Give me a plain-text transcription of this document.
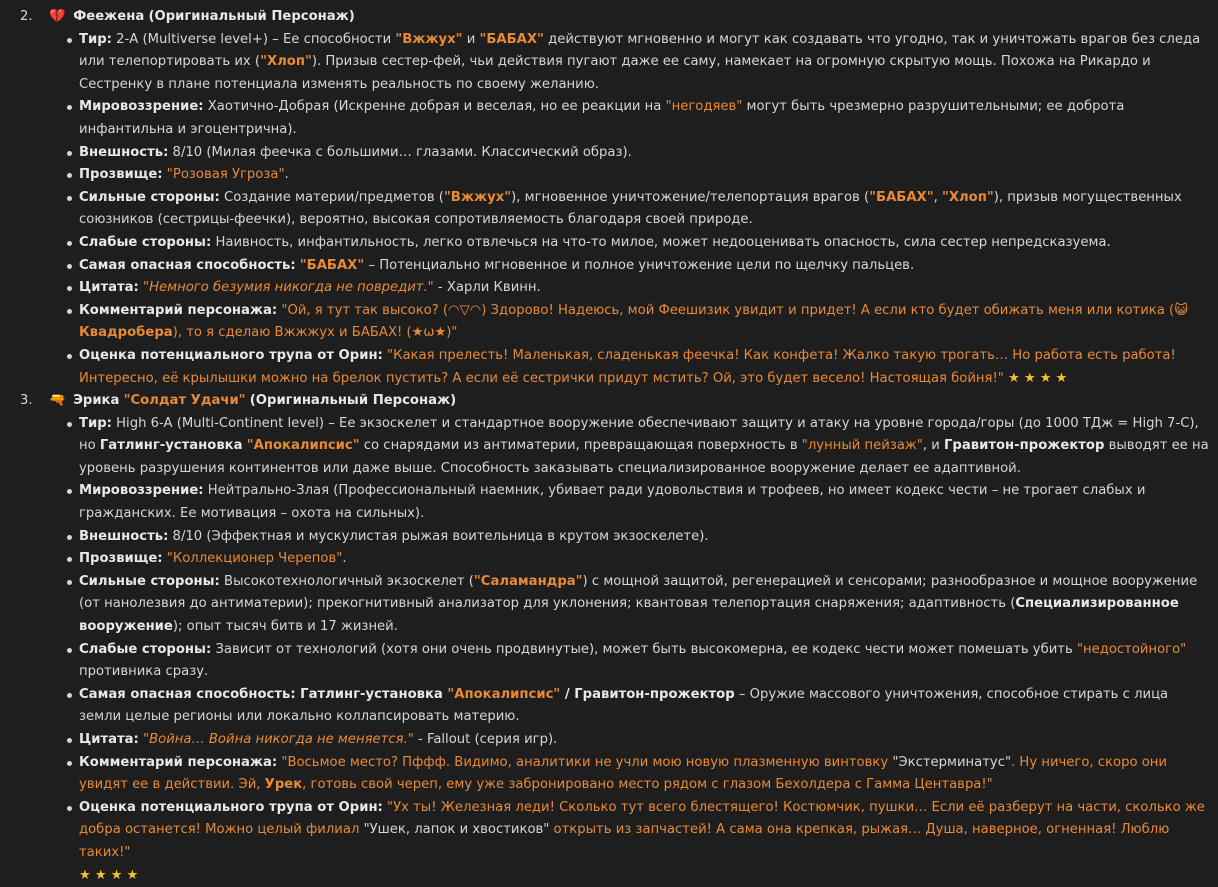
2. 💔 Феежена (Оригинальный Персонаж)
Тир: 2-A (Multiverse level+) – Ее способности "Вжжух" и "БАБАХ" действуют мгновенно и могут как создавать что угодно, так и уничтожать врагов без следа или телепортировать их ("Хлоп"). Призыв сестер-фей, чьи действия пугают даже ее саму, намекает на огромную скрытую мощь. Похожа на Рикардо и Сестренку в плане потенциала изменять реальность по своему желанию.
Мировоззрение: Хаотично-Добрая (Искренне добрая и веселая, но ее реакции на "негодяев" могут быть чрезмерно разрушительными; ее доброта инфантильна и эгоцентрична).
Внешность: 8/10 (Милая феечка с большими… глазами. Классический образ).
Прозвище: "Розовая Угроза".
Сильные стороны: Создание материи/предметов ("Вжжух"), мгновенное уничтожение/телепортация врагов ("БАБАХ", "Хлоп"), призыв могущественных союзников (сестрицы-феечки), вероятно, высокая сопротивляемость благодаря своей природе.
Слабые стороны: Наивность, инфантильность, легко отвлечься на что-то милое, может недооценивать опасность, сила сестер непредсказуема.
Самая опасная способность: "БАБАХ" – Потенциально мгновенное и полное уничтожение цели по щелчку пальцев.
Цитата: "Немного безумия никогда не повредит." - Харли Квинн.
Комментарий персонажа: "Ой, я тут так высоко? (◠▽◠) Здорово! Надеюсь, мой Феешизик увидит и придет! А если кто будет обижать меня или котика (😺 Квадробера), то я сделаю Вжжжух и БАБАХ! (★ω★)"
Оценка потенциального трупа от Орин: "Какая прелесть! Маленькая, сладенькая феечка! Как конфета! Жалко такую трогать… Но работа есть работа! Интересно, её крылышки можно на брелок пустить? А если её сестрички придут мстить? Ой, это будет весело! Настоящая бойня!" ★★★★
3. 🔫 Эрика "Солдат Удачи" (Оригинальный Персонаж)
Тир: High 6-A (Multi-Continent level) – Ее экзоскелет и стандартное вооружение обеспечивают защиту и атаку на уровне города/горы (до 1000 ТДж = High 7-C), но Гатлинг-установка "Апокалипсис" со снарядами из антиматерии, превращающая поверхность в "лунный пейзаж", и Гравитон-прожектор выводят ее на уровень разрушения континентов или даже выше. Способность заказывать специализированное вооружение делает ее адаптивной.
Мировоззрение: Нейтрально-Злая (Профессиональный наемник, убивает ради удовольствия и трофеев, но имеет кодекс чести – не трогает слабых и гражданских. Ее мотивация – охота на сильных).
Внешность: 8/10 (Эффектная и мускулистая рыжая воительница в крутом экзоскелете).
Прозвище: "Коллекционер Черепов".
Сильные стороны: Высокотехнологичный экзоскелет ("Саламандра") с мощной защитой, регенерацией и сенсорами; разнообразное и мощное вооружение (от нанолезвия до антиматерии); прекогнитивный анализатор для уклонения; квантовая телепортация снаряжения; адаптивность (Специализированное вооружение); опыт тысяч битв и 17 жизней.
Слабые стороны: Зависит от технологий (хотя они очень продвинутые), может быть высокомерна, ее кодекс чести может помешать убить "недостойного" противника сразу.
Самая опасная способность: Гатлинг-установка "Апокалипсис" / Гравитон-прожектор – Оружие массового уничтожения, способное стирать с лица земли целые регионы или локально коллапсировать материю.
Цитата: "Война… Война никогда не меняется." - Fallout (серия игр).
Комментарий персонажа: "Восьмое место? Пффф. Видимо, аналитики не учли мою новую плазменную винтовку "Экстерминатус". Ну ничего, скоро они увидят ее в действии. Эй, Урек, готовь свой череп, ему уже забронировано место рядом с глазом Бехолдера с Гамма Центавра!"
Оценка потенциального трупа от Орин: "Ух ты! Железная леди! Сколько тут всего блестящего! Костюмчик, пушки… Если её разберут на части, сколько же добра останется! Можно целый филиал "Ушек, лапок и хвостиков" открыть из запчастей! А сама она крепкая, рыжая… Душа, наверное, огненная! Люблю таких!"
★★★★
